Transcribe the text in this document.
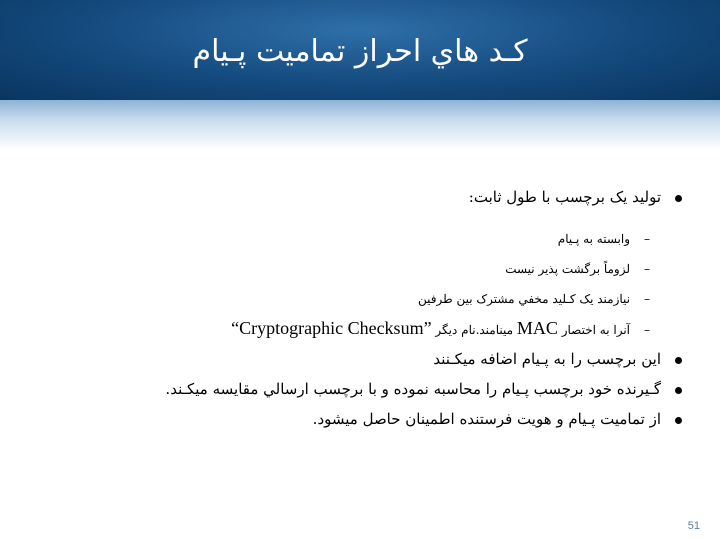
کـد هاي احراز تماميت پـيام
توليد يک برچسب با طول ثابت:
–وابسته به پـيام
–لزوماً برگشت پذير نيست
–نيازمند يک کـليد مخفي مشترک بين طرفين
–آنرا به اختصار MAC مينامند.نام ديگر “Cryptographic Checksum”
اين برچسب را به پـيام اضافه ميکـنند
گـيرنده خود برچسب پـيام را محاسبه نموده و با برچسب ارسالي مقايسه ميکـند.
از تماميت پـيام و هويت فرستنده اطمينان حاصل ميشود.
51
